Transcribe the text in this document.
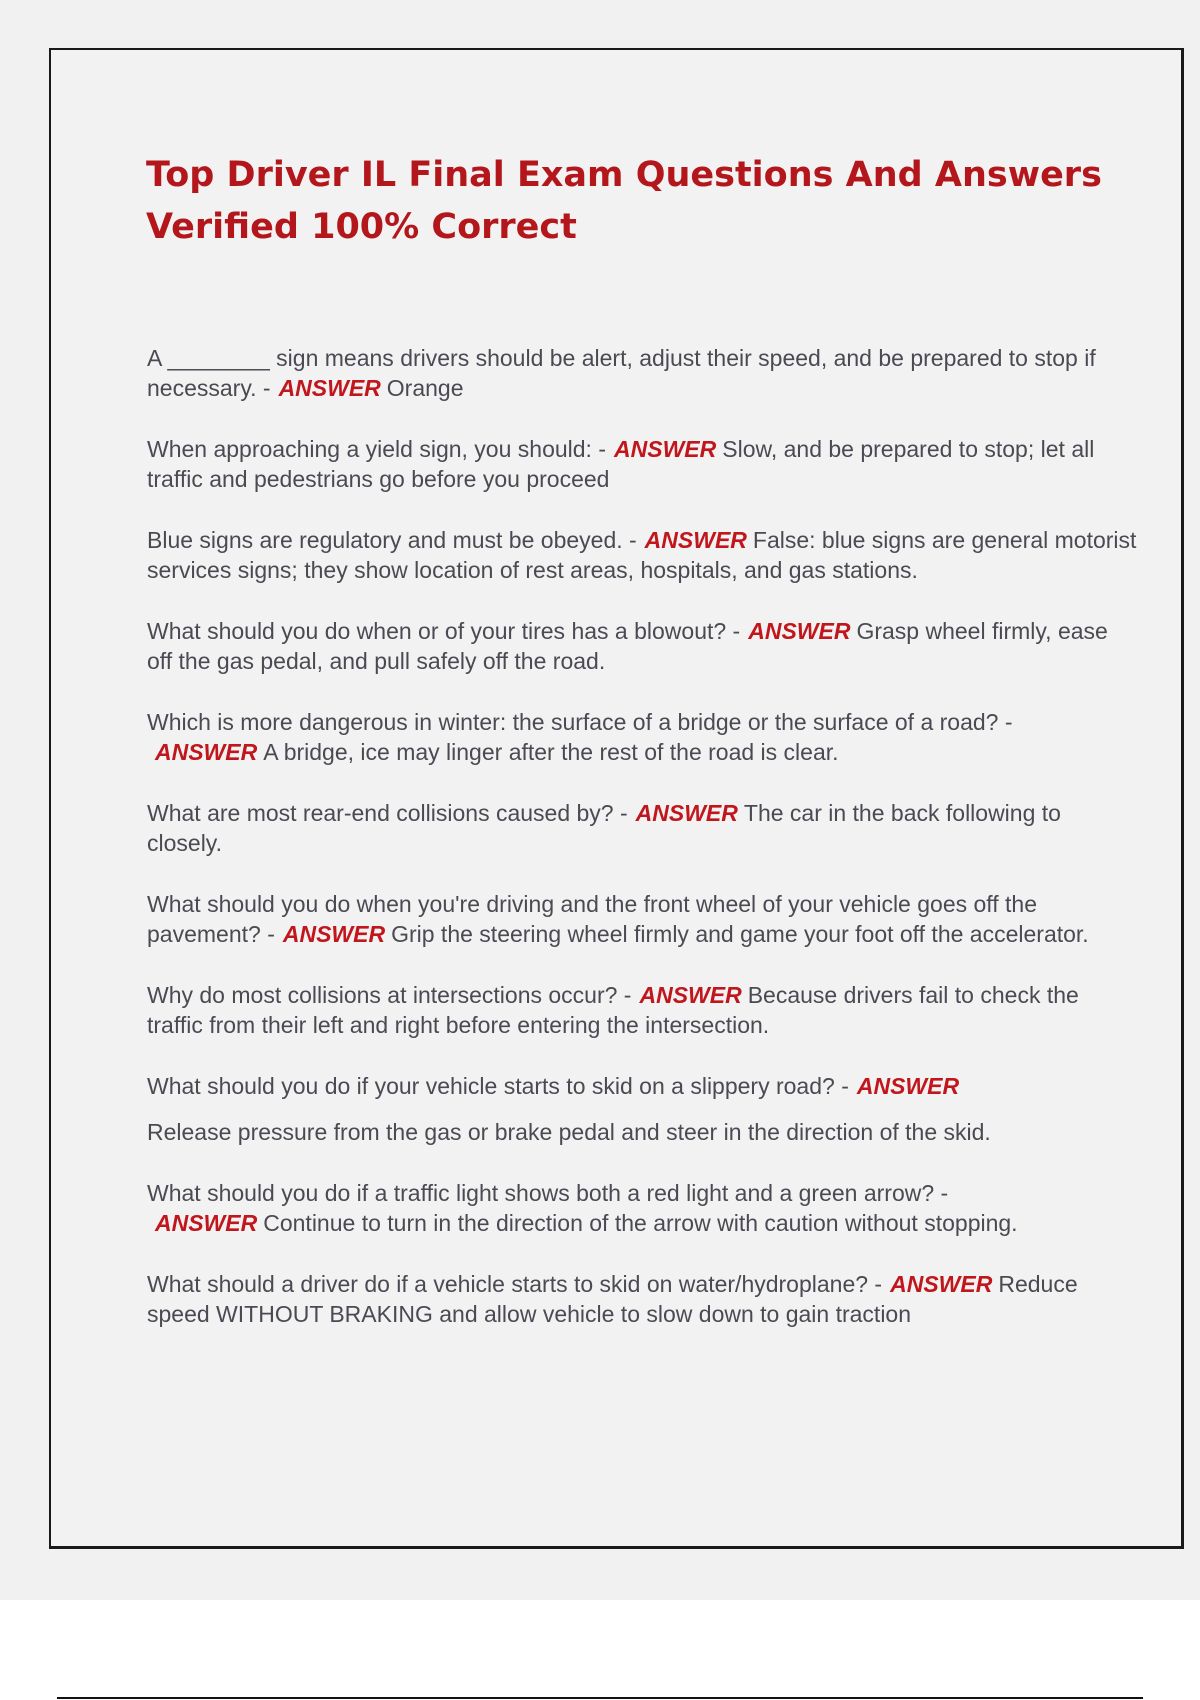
Top Driver IL Final Exam Questions And Answers Verified 100% Correct

A ________ sign means drivers should be alert, adjust their speed, and be prepared to stop if necessary. - ANSWER Orange

When approaching a yield sign, you should: - ANSWER Slow, and be prepared to stop; let all traffic and pedestrians go before you proceed

Blue signs are regulatory and must be obeyed. - ANSWER False: blue signs are general motorist services signs; they show location of rest areas, hospitals, and gas stations.

What should you do when or of your tires has a blowout? - ANSWER Grasp wheel firmly, ease off the gas pedal, and pull safely off the road.

Which is more dangerous in winter: the surface of a bridge or the surface of a road? -ANSWER A bridge, ice may linger after the rest of the road is clear.

What are most rear-end collisions caused by? - ANSWER The car in the back following to closely.

What should you do when you're driving and the front wheel of your vehicle goes off the pavement? - ANSWER Grip the steering wheel firmly and game your foot off the accelerator.

Why do most collisions at intersections occur? - ANSWER Because drivers fail to check the traffic from their left and right before entering the intersection.

What should you do if your vehicle starts to skid on a slippery road? - ANSWER
Release pressure from the gas or brake pedal and steer in the direction of the skid.

What should you do if a traffic light shows both a red light and a green arrow? -ANSWER Continue to turn in the direction of the arrow with caution without stopping.

What should a driver do if a vehicle starts to skid on water/hydroplane? - ANSWER Reduce speed WITHOUT BRAKING and allow vehicle to slow down to gain traction
